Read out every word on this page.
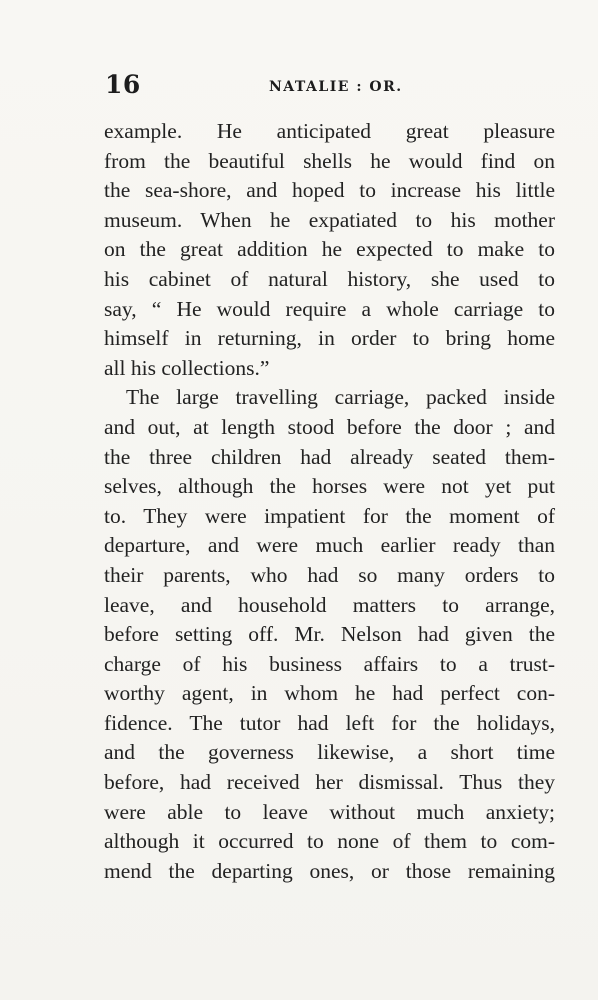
16	NATALIE : OR.
example. He anticipated great pleasure
from the beautiful shells he would find on
the sea-shore, and hoped to increase his little
museum. When he expatiated to his mother
on the great addition he expected to make to
his cabinet of natural history, she used to
say, “ He would require a whole carriage to
himself in returning, in order to bring home
all his collections.”
The large travelling carriage, packed inside
and out, at length stood before the door ; and
the three children had already seated them-
selves, although the horses were not yet put
to. They were impatient for the moment of
departure, and were much earlier ready than
their parents, who had so many orders to
leave, and household matters to arrange,
before setting off. Mr. Nelson had given the
charge of his business affairs to a trust-
worthy agent, in whom he had perfect con-
fidence. The tutor had left for the holidays,
and the governess likewise, a short time
before, had received her dismissal. Thus they
were able to leave without much anxiety;
although it occurred to none of them to com-
mend the departing ones, or those remaining
